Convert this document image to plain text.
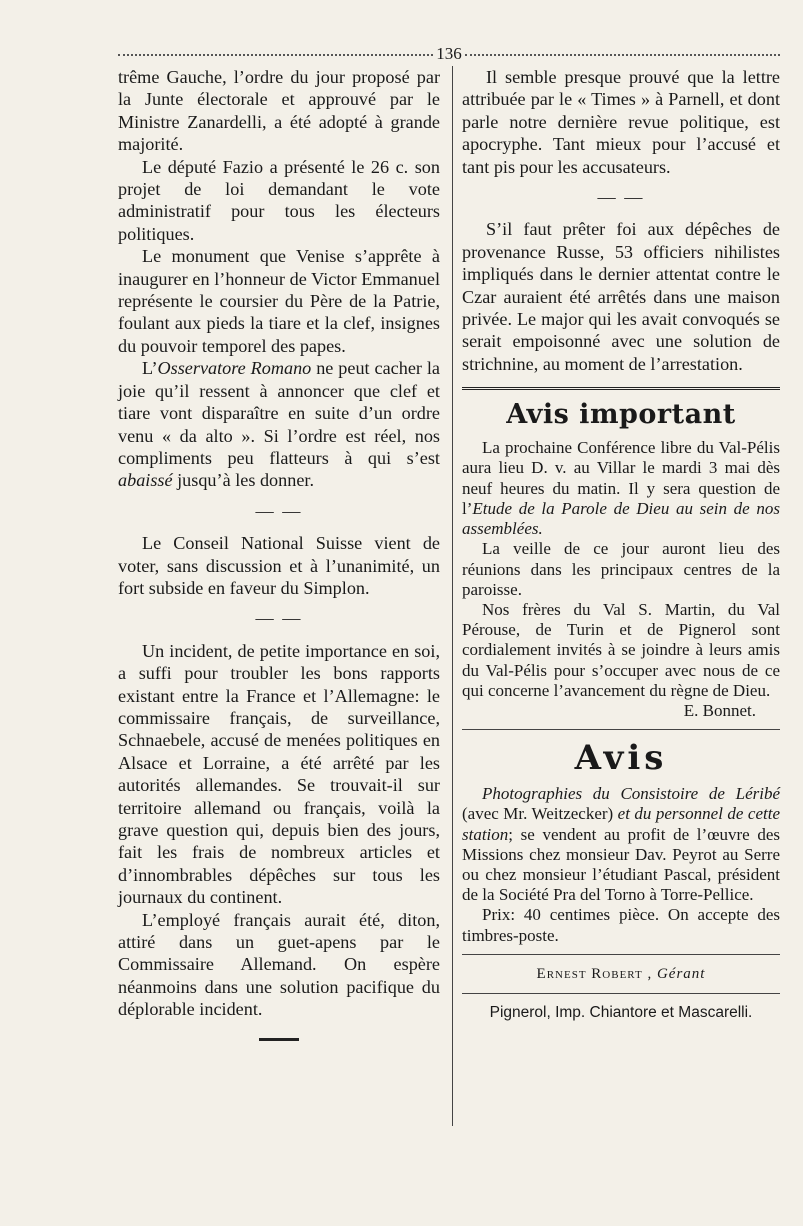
136

trême Gauche, l’ordre du jour proposé par la Junte électorale et approuvé par le Ministre Zanardelli, a été adopté à grande majorité.

Le député Fazio a présenté le 26 c. son projet de loi demandant le vote administratif pour tous les électeurs politiques.

Le monument que Venise s’apprête à inaugurer en l’honneur de Victor Emmanuel représente le coursier du Père de la Patrie, foulant aux pieds la tiare et la clef, insignes du pouvoir temporel des papes.

L’Osservatore Romano ne peut cacher la joie qu’il ressent à annoncer que clef et tiare vont disparaître en suite d’un ordre venu « da alto ». Si l’ordre est réel, nos compliments peu flatteurs à qui s’est abaissé jusqu’à les donner.

— —

Le Conseil National Suisse vient de voter, sans discussion et à l’unanimité, un fort subside en faveur du Simplon.

— —

Un incident, de petite importance en soi, a suffi pour troubler les bons rapports existant entre la France et l’Allemagne: le commissaire français, de surveillance, Schnaebele, accusé de menées politiques en Alsace et Lorraine, a été arrêté par les autorités allemandes. Se trouvait-il sur territoire allemand ou français, voilà la grave question qui, depuis bien des jours, fait les frais de nombreux articles et d’innombrables dépêches sur tous les journaux du continent.

L’employé français aurait été, diton, attiré dans un guet-apens par le Commissaire Allemand. On espère néanmoins dans une solution pacifique du déplorable incident.

Il semble presque prouvé que la lettre attribuée par le « Times » à Parnell, et dont parle notre dernière revue politique, est apocryphe. Tant mieux pour l’accusé et tant pis pour les accusateurs.

— —

S’il faut prêter foi aux dépêches de provenance Russe, 53 officiers nihilistes impliqués dans le dernier attentat contre le Czar auraient été arrêtés dans une maison privée. Le major qui les avait convoqués se serait empoisonné avec une solution de strichnine, au moment de l’arrestation.

Avis important

La prochaine Conférence libre du Val-Pélis aura lieu D. v. au Villar le mardi 3 mai dès neuf heures du matin. Il y sera question de l’Etude de la Parole de Dieu au sein de nos assemblées.

La veille de ce jour auront lieu des réunions dans les principaux centres de la paroisse.

Nos frères du Val S. Martin, du Val Pérouse, de Turin et de Pignerol sont cordialement invités à se joindre à leurs amis du Val-Pélis pour s’occuper avec nous de ce qui concerne l’avancement du règne de Dieu.

E. Bonnet.
Avis

Photographies du Consistoire de Léribé (avec Mr. Weitzecker) et du personnel de cette station; se vendent au profit de l’œuvre des Missions chez monsieur Dav. Peyrot au Serre ou chez monsieur l’étudiant Pascal, président de la Société Pra del Torno à Torre-Pellice.

Prix: 40 centimes pièce. On accepte des timbres-poste.

Ernest Robert , Gérant
Pignerol, Imp. Chiantore et Mascarelli.
